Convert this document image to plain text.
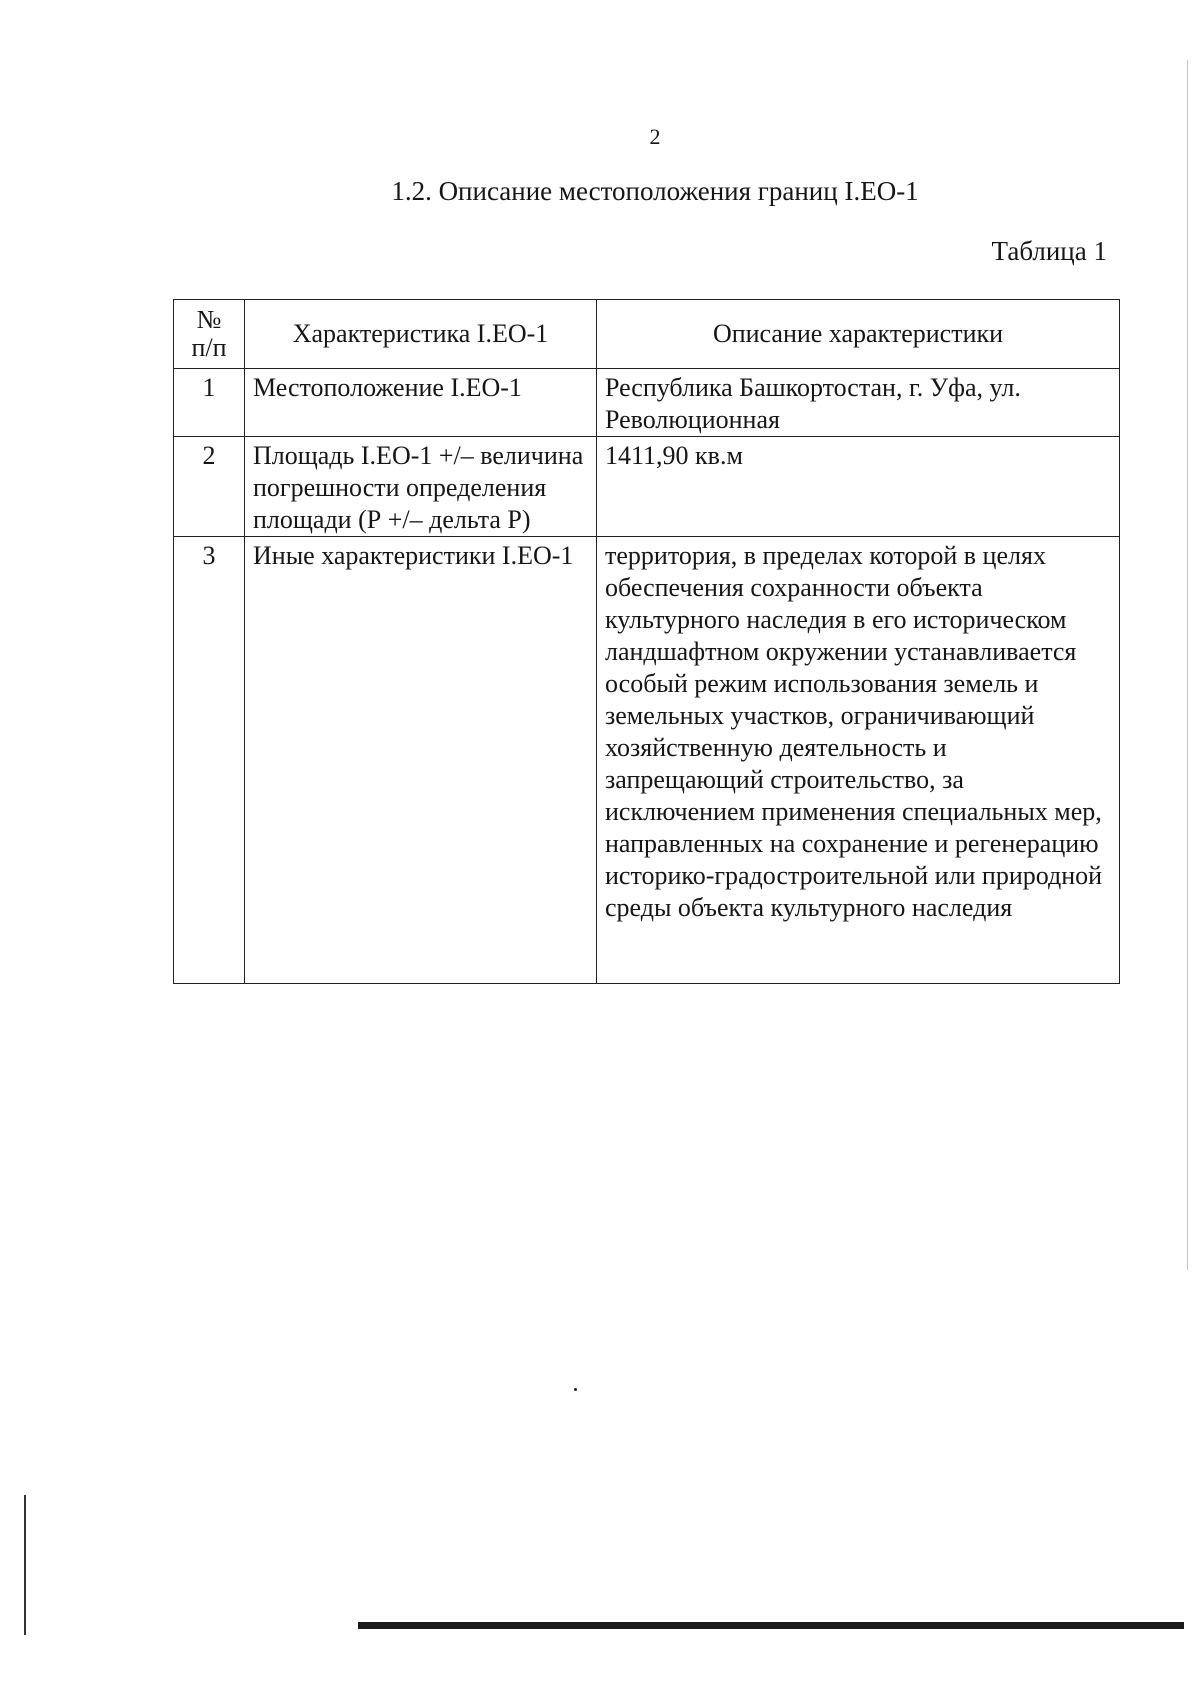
2
1.2. Описание местоположения границ I.ЕО-1
Таблица 1
№
п/п	Характеристика I.ЕО-1	Описание характеристики
1	Местоположение I.ЕО-1	Республика Башкортостан, г. Уфа, ул. Революционная
2	Площадь I.ЕО-1 +/– величина погрешности определения площади (Р +/– дельта Р)	1411,90 кв.м
3	Иные характеристики I.ЕО-1	территория, в пределах которой в целях обеспечения сохранности объекта культурного наследия в его историческом ландшафтном окружении устанавливается особый режим использования земель и земельных участков, ограничивающий хозяйственную деятельность и запрещающий строительство, за исключением применения специальных мер, направленных на сохранение и регенерацию историко-градостроительной или природной среды объекта культурного наследия
